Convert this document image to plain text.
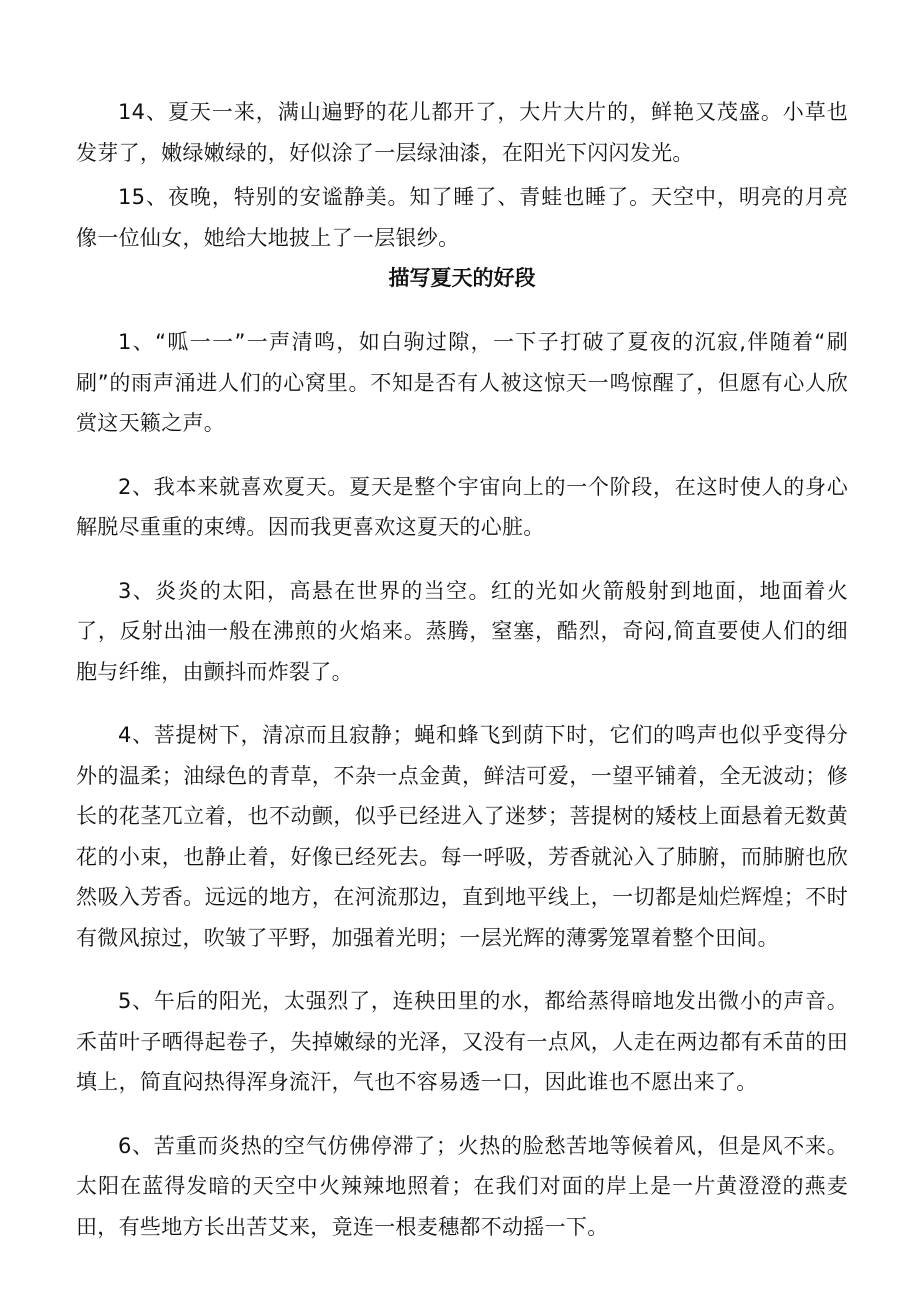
14、夏天一来，满山遍野的花儿都开了，大片大片的，鲜艳又茂盛。小草也发芽了，嫩绿嫩绿的，好似涂了一层绿油漆，在阳光下闪闪发光。

15、夜晚，特别的安谧静美。知了睡了、青蛙也睡了。天空中，明亮的月亮像一位仙女，她给大地披上了一层银纱。

描写夏天的好段

1、“呱一一”一声清鸣，如白驹过隙，一下子打破了夏夜的沉寂,伴随着“刷刷”的雨声涌进人们的心窝里。不知是否有人被这惊天一鸣惊醒了，但愿有心人欣赏这天籁之声。

2、我本来就喜欢夏天。夏天是整个宇宙向上的一个阶段，在这时使人的身心解脱尽重重的束缚。因而我更喜欢这夏天的心脏。

3、炎炎的太阳，高悬在世界的当空。红的光如火箭般射到地面，地面着火了，反射出油一般在沸煎的火焰来。蒸腾，窒塞，酷烈，奇闷,简直要使人们的细胞与纤维，由颤抖而炸裂了。

4、菩提树下，清凉而且寂静；蝇和蜂飞到荫下时，它们的鸣声也似乎变得分外的温柔；油绿色的青草，不杂一点金黄，鲜洁可爱，一望平铺着，全无波动；修长的花茎兀立着，也不动颤，似乎已经进入了迷梦；菩提树的矮枝上面悬着无数黄花的小束，也静止着，好像已经死去。每一呼吸，芳香就沁入了肺腑，而肺腑也欣然吸入芳香。远远的地方，在河流那边，直到地平线上，一切都是灿烂辉煌；不时有微风掠过，吹皱了平野，加强着光明；一层光辉的薄雾笼罩着整个田间。

5、午后的阳光，太强烈了，连秧田里的水，都给蒸得暗地发出微小的声音。禾苗叶子晒得起卷子，失掉嫩绿的光泽，又没有一点风，人走在两边都有禾苗的田填上，简直闷热得浑身流汗，气也不容易透一口，因此谁也不愿出来了。

6、苦重而炎热的空气仿佛停滞了；火热的脸愁苦地等候着风，但是风不来。太阳在蓝得发暗的天空中火辣辣地照着；在我们对面的岸上是一片黄澄澄的燕麦田，有些地方长出苦艾来，竟连一根麦穗都不动摇一下。
